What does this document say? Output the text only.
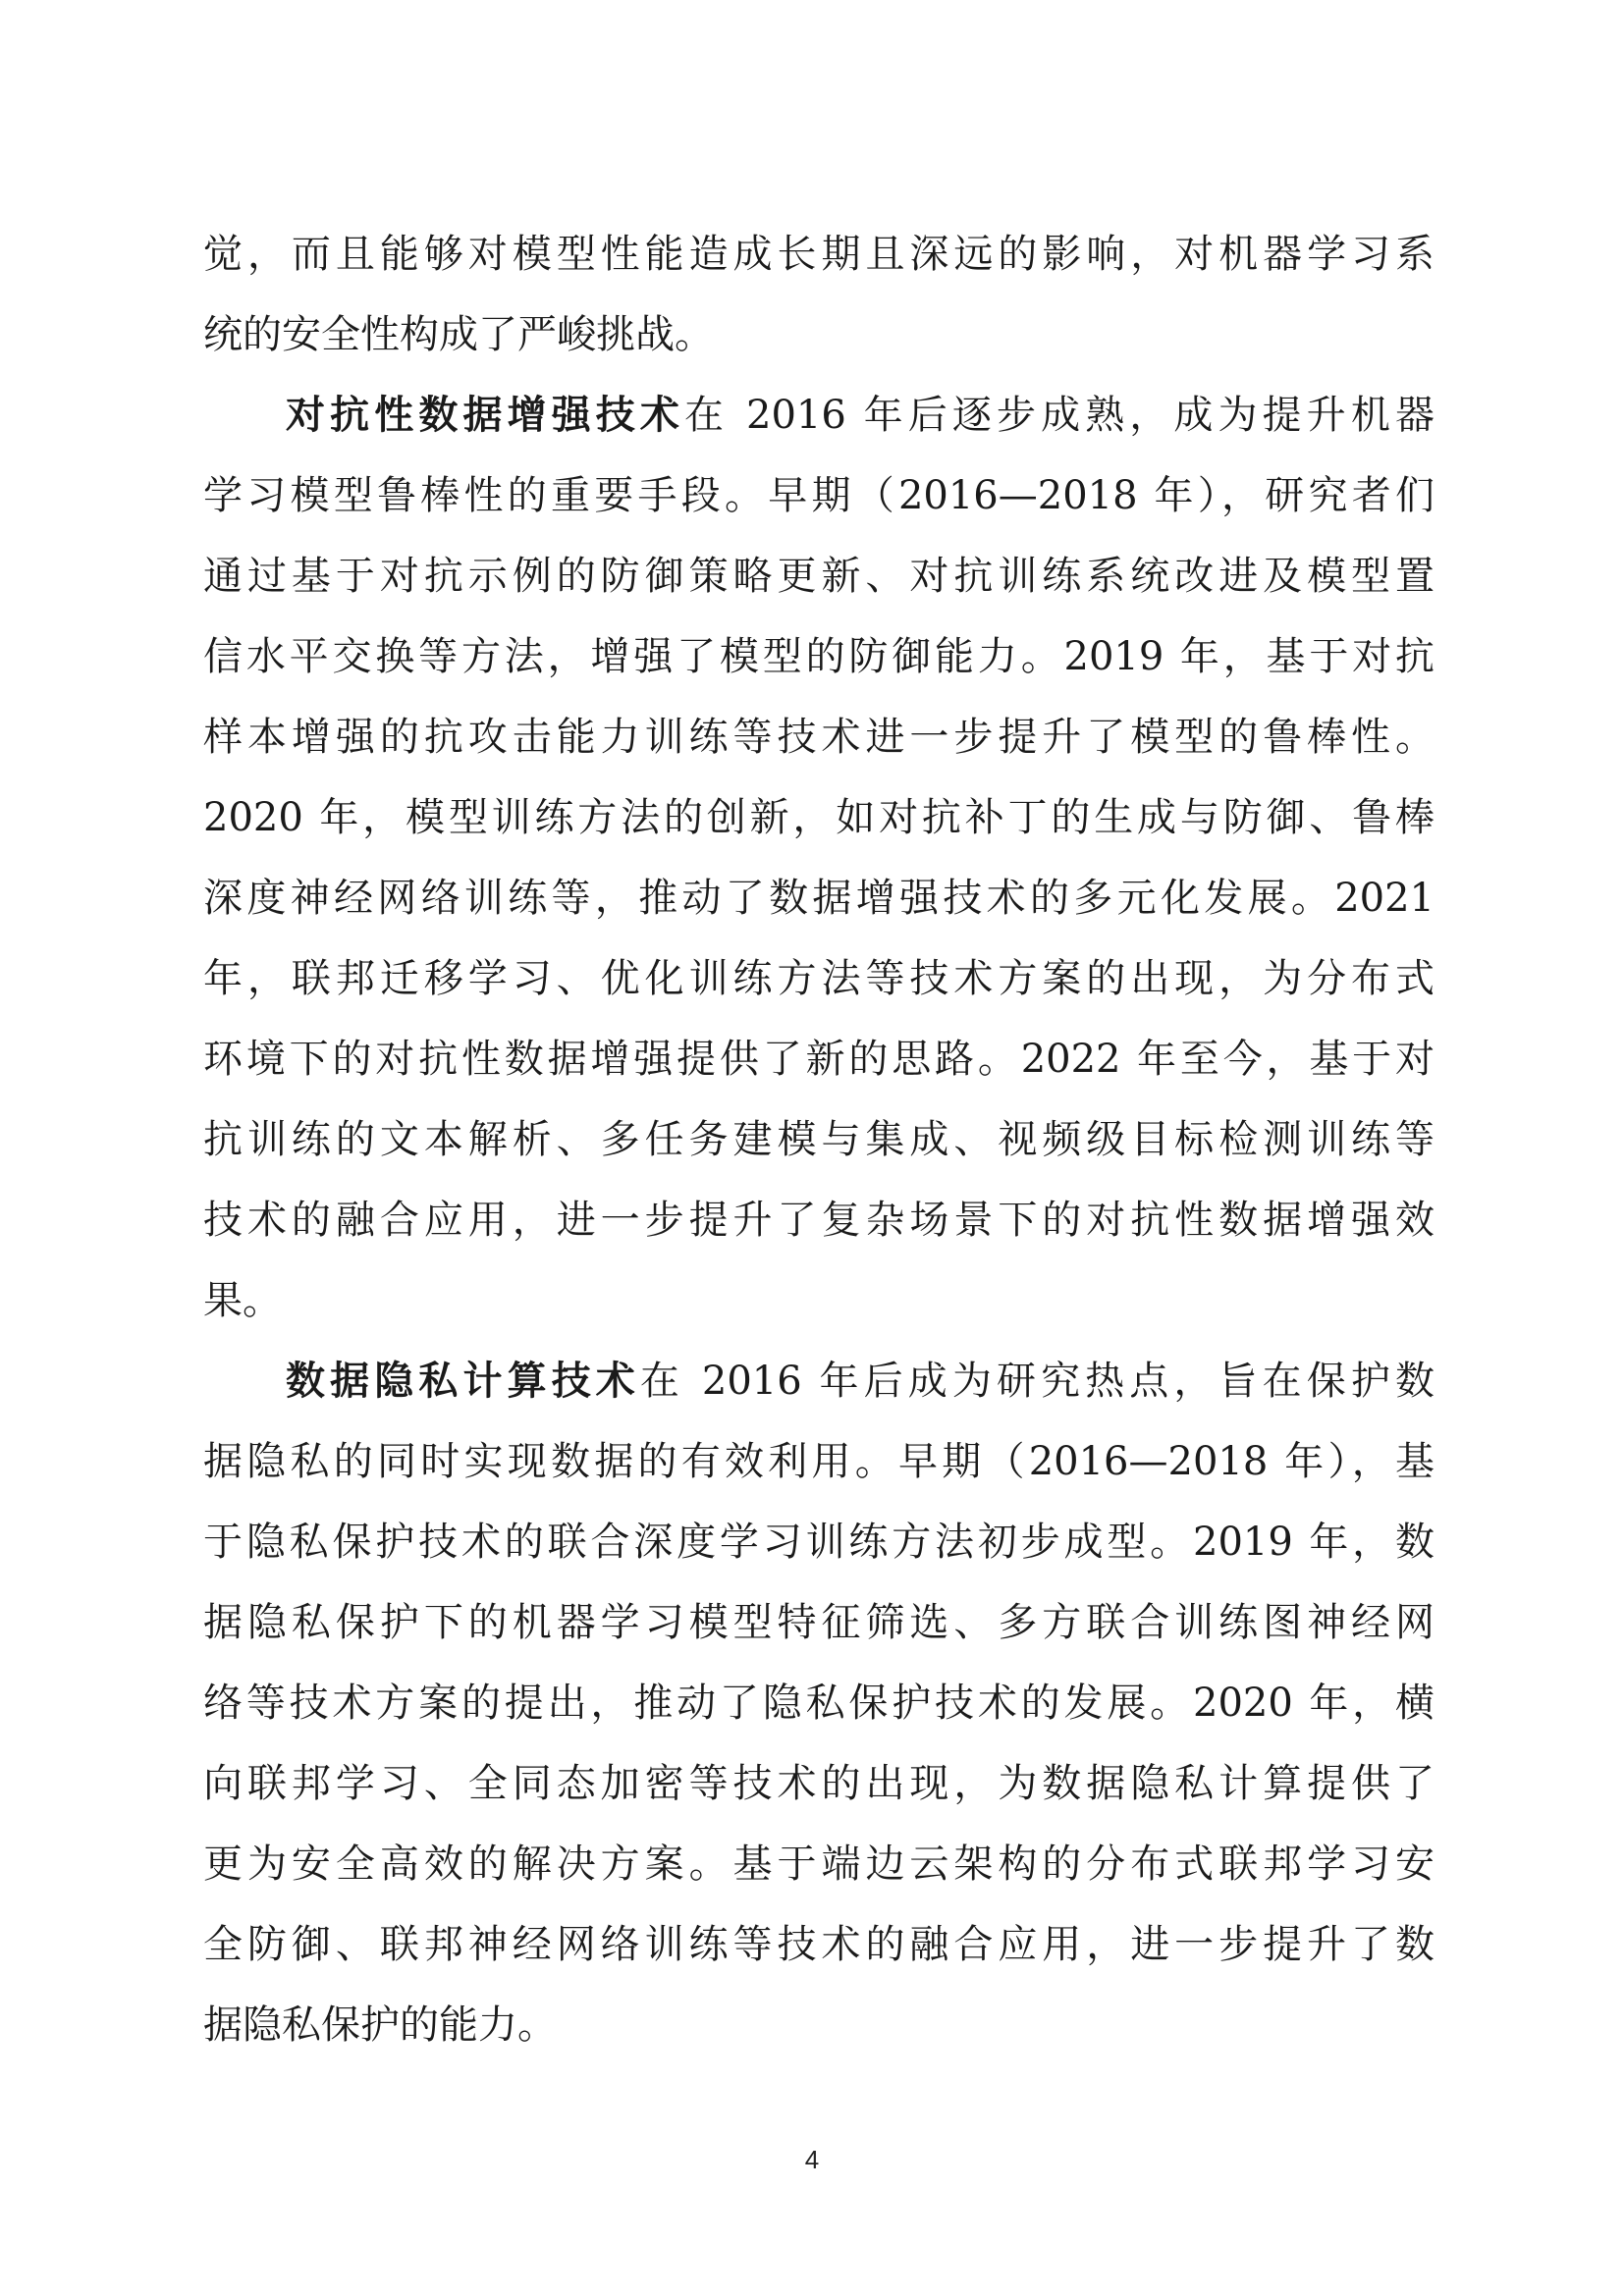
觉，而且能够对模型性能造成长期且深远的影响，对机器学习系
统的安全性构成了严峻挑战。
对抗性数据增强技术在 2016 年后逐步成熟，成为提升机器
学习模型鲁棒性的重要手段。早期（2016—2018 年），研究者们
通过基于对抗示例的防御策略更新、对抗训练系统改进及模型置
信水平交换等方法，增强了模型的防御能力。2019 年，基于对抗
样本增强的抗攻击能力训练等技术进一步提升了模型的鲁棒性。
2020 年，模型训练方法的创新，如对抗补丁的生成与防御、鲁棒
深度神经网络训练等，推动了数据增强技术的多元化发展。2021
年，联邦迁移学习、优化训练方法等技术方案的出现，为分布式
环境下的对抗性数据增强提供了新的思路。2022 年至今，基于对
抗训练的文本解析、多任务建模与集成、视频级目标检测训练等
技术的融合应用，进一步提升了复杂场景下的对抗性数据增强效
果。
数据隐私计算技术在 2016 年后成为研究热点，旨在保护数
据隐私的同时实现数据的有效利用。早期（2016—2018 年），基
于隐私保护技术的联合深度学习训练方法初步成型。2019 年，数
据隐私保护下的机器学习模型特征筛选、多方联合训练图神经网
络等技术方案的提出，推动了隐私保护技术的发展。2020 年，横
向联邦学习、全同态加密等技术的出现，为数据隐私计算提供了
更为安全高效的解决方案。基于端边云架构的分布式联邦学习安
全防御、联邦神经网络训练等技术的融合应用，进一步提升了数
据隐私保护的能力。
4
